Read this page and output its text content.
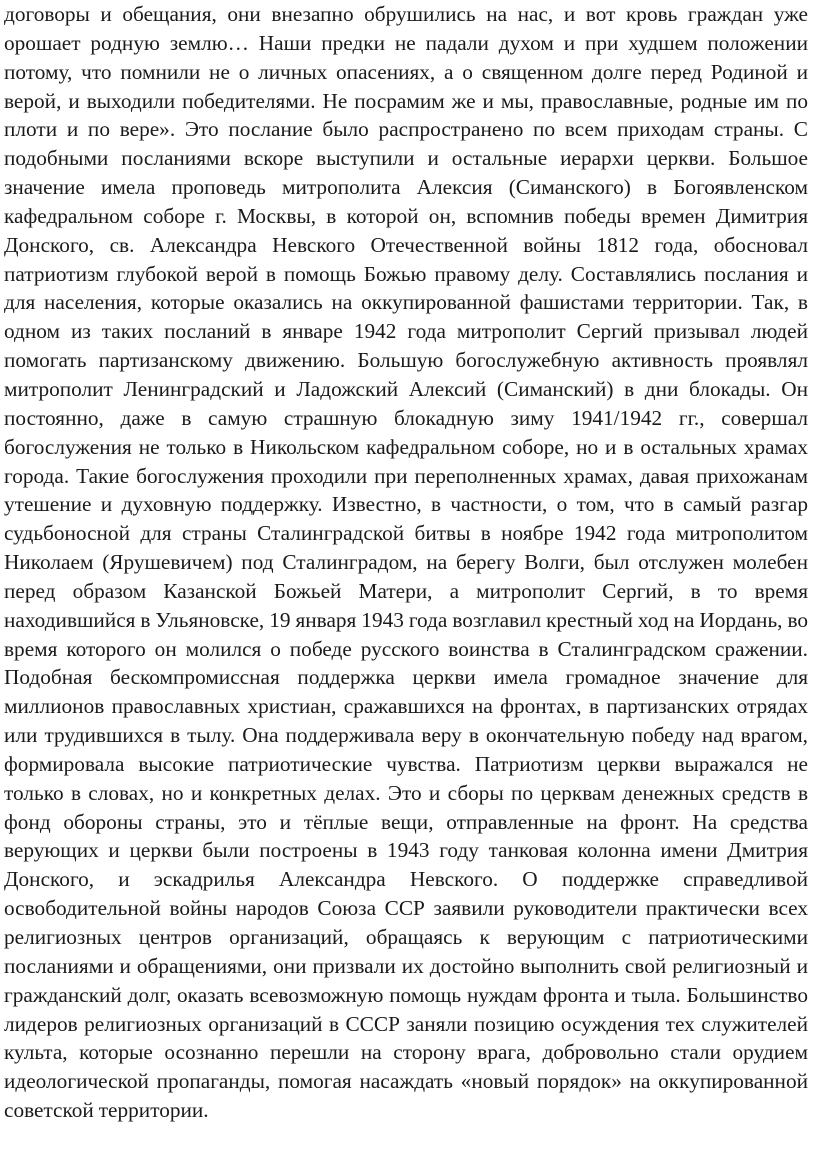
договоры и обещания, они внезапно обрушились на нас, и вот кровь граждан уже орошает родную землю… Наши предки не падали духом и при худшем положении потому, что помнили не о личных опасениях, а о священном долге перед Родиной и верой, и выходили победителями. Не посрамим же и мы, православные, родные им по плоти и по вере». Это послание было распространено по всем приходам страны. С подобными посланиями вскоре выступили и остальные иерархи церкви. Большое значение имела проповедь митрополита Алексия (Симанского) в Богоявленском кафедральном соборе г. Москвы, в которой он, вспомнив победы времен Димитрия Донского, св. Александра Невского Отечественной войны 1812 года, обосновал патриотизм глубокой верой в помощь Божью правому делу. Составлялись послания и для населения, которые оказались на оккупированной фашистами территории. Так, в одном из таких посланий в январе 1942 года митрополит Сергий призывал людей помогать партизанскому движению. Большую богослужебную активность проявлял митрополит Ленинградский и Ладожский Алексий (Симанский) в дни блокады. Он постоянно, даже в самую страшную блокадную зиму 1941/1942 гг., совершал богослужения не только в Никольском кафедральном соборе, но и в остальных храмах города. Такие богослужения проходили при переполненных храмах, давая прихожанам утешение и духовную поддержку. Известно, в частности, о том, что в самый разгар судьбоносной для страны Сталинградской битвы в ноябре 1942 года митрополитом Николаем (Ярушевичем) под Сталинградом, на берегу Волги, был отслужен молебен перед образом Казанской Божьей Матери, а митрополит Сергий, в то время находившийся в Ульяновске, 19 января 1943 года возглавил крестный ход на Иордань, во время которого он молился о победе русского воинства в Сталинградском сражении. Подобная бескомпромиссная поддержка церкви имела громадное значение для миллионов православных христиан, сражавшихся на фронтах, в партизанских отрядах или трудившихся в тылу. Она поддерживала веру в окончательную победу над врагом, формировала высокие патриотические чувства. Патриотизм церкви выражался не только в словах, но и конкретных делах. Это и сборы по церквам денежных средств в фонд обороны страны, это и тёплые вещи, отправленные на фронт. На средства верующих и церкви были построены в 1943 году танковая колонна имени Дмитрия Донского, и эскадрилья Александра Невского. О поддержке справедливой освободительной войны народов Союза ССР заявили руководители практически всех религиозных центров организаций, обращаясь к верующим с патриотическими посланиями и обращениями, они призвали их достойно выполнить свой религиозный и гражданский долг, оказать всевозможную помощь нуждам фронта и тыла. Большинство лидеров религиозных организаций в СССР заняли позицию осуждения тех служителей культа, которые осознанно перешли на сторону врага, добровольно стали орудием идеологической пропаганды, помогая насаждать «новый порядок» на оккупированной советской территории.
